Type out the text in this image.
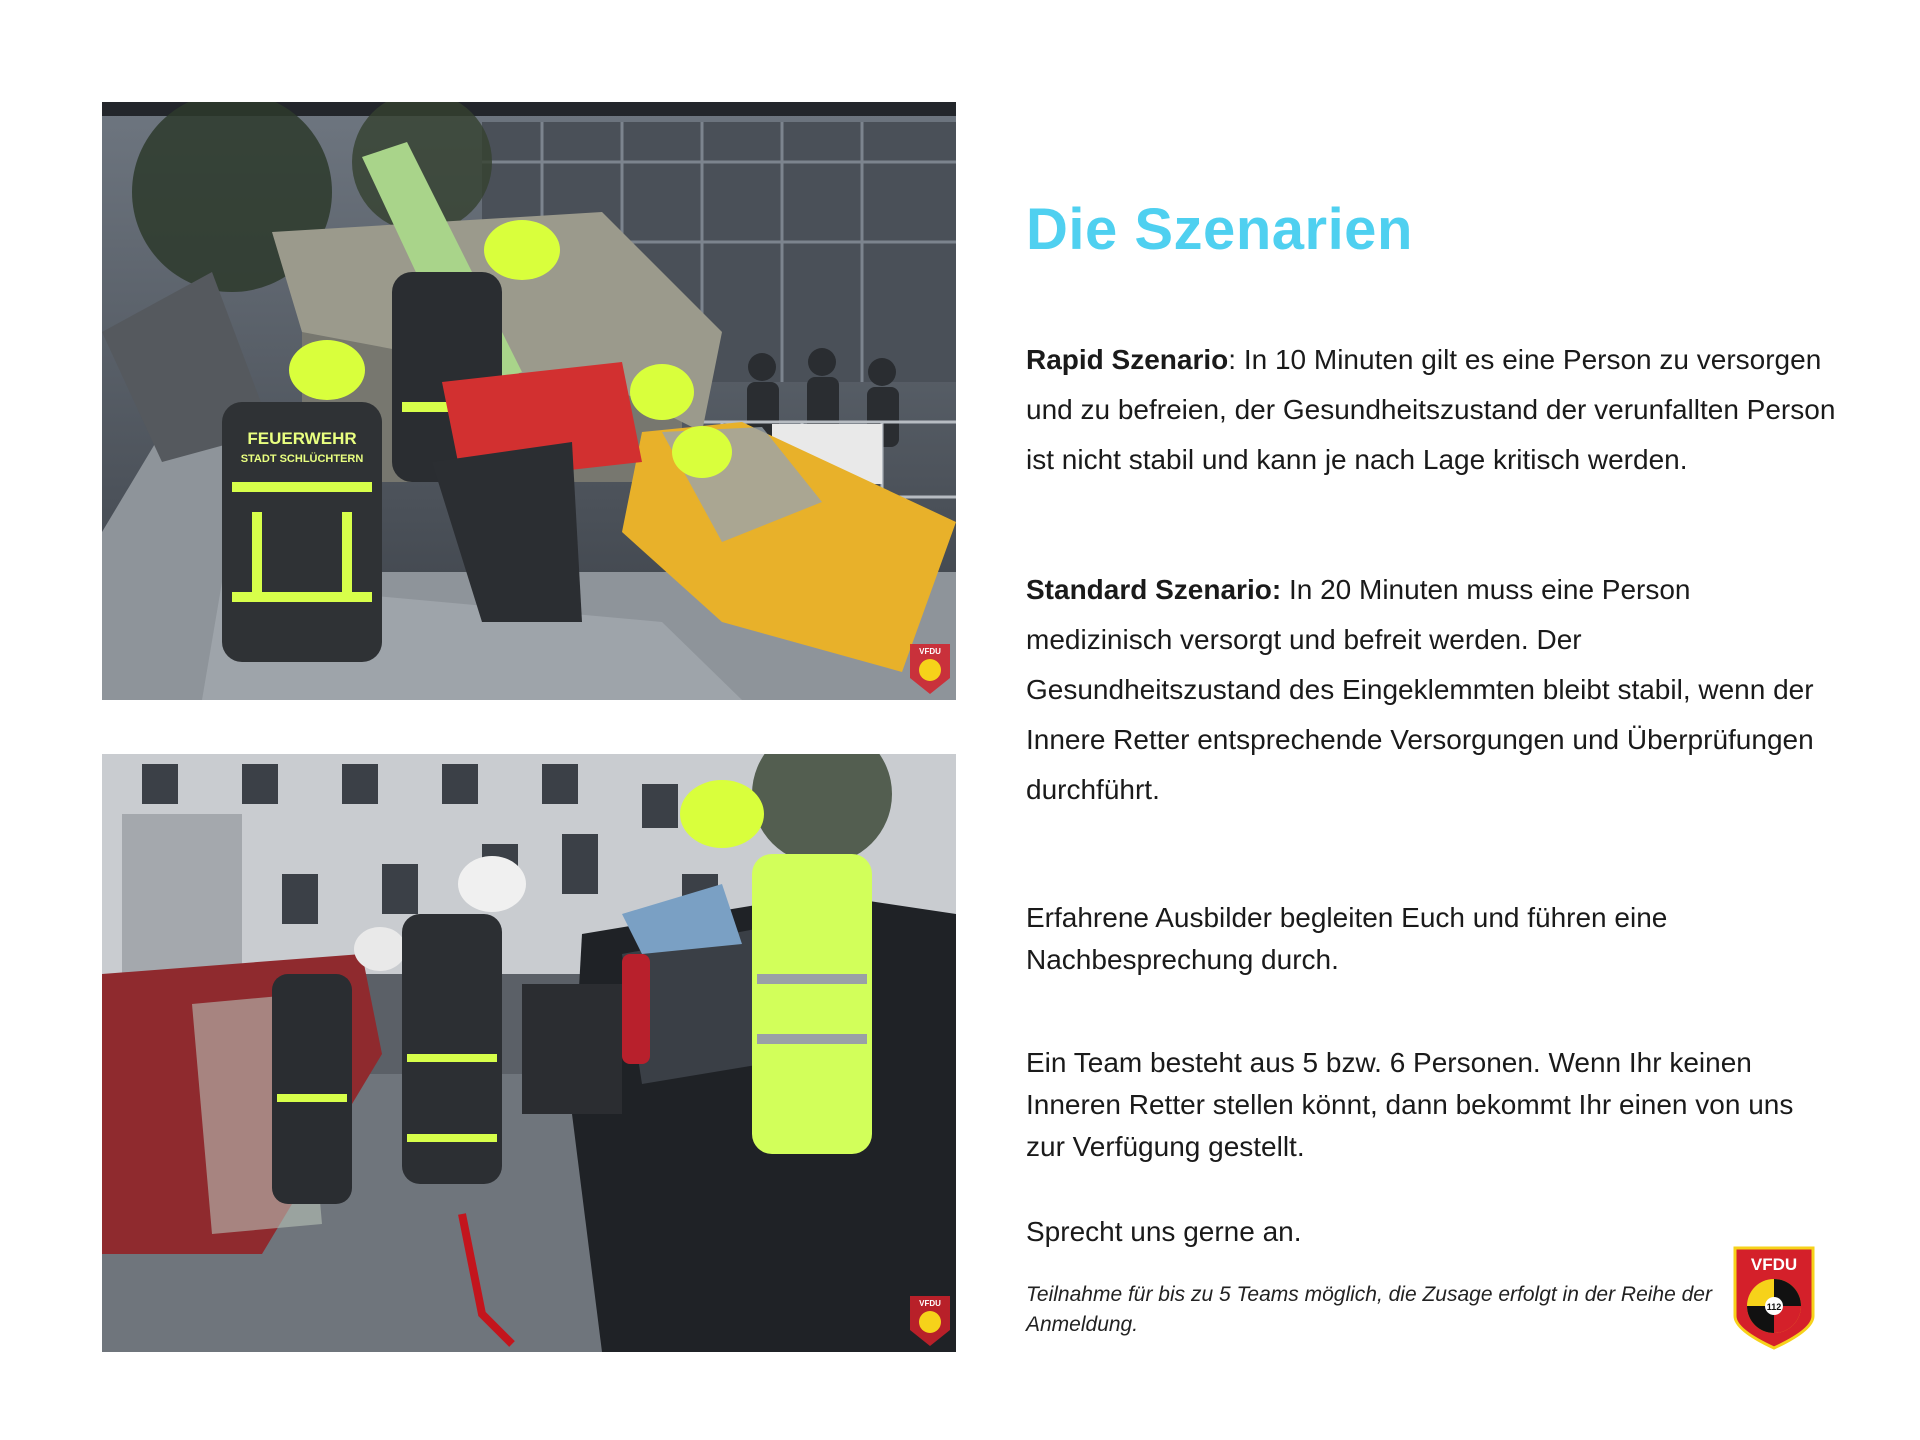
FEUERWEHR
STADT SCHLÜCHTERN
VFDU
VFDU
Die Szenarien
Rapid Szenario: In 10 Minuten gilt es eine Person zu versorgen und zu befreien, der Gesundheitszustand der verunfallten Person ist nicht stabil und kann je nach Lage kritisch werden.
Standard Szenario: In 20 Minuten muss eine Person medizinisch versorgt und befreit werden. Der Gesundheitszustand des Eingeklemmten bleibt stabil, wenn der Innere Retter entsprechende Versorgungen und Überprüfungen durchführt.
Erfahrene Ausbilder begleiten Euch und führen eine Nachbesprechung durch.
Ein Team besteht aus 5 bzw. 6 Personen. Wenn Ihr keinen Inneren Retter stellen könnt, dann bekommt Ihr einen von uns zur Verfügung gestellt.
Sprecht uns gerne an.
Teilnahme für bis zu 5 Teams möglich, die Zusage erfolgt in der Reihe der Anmeldung.
VFDU
112
